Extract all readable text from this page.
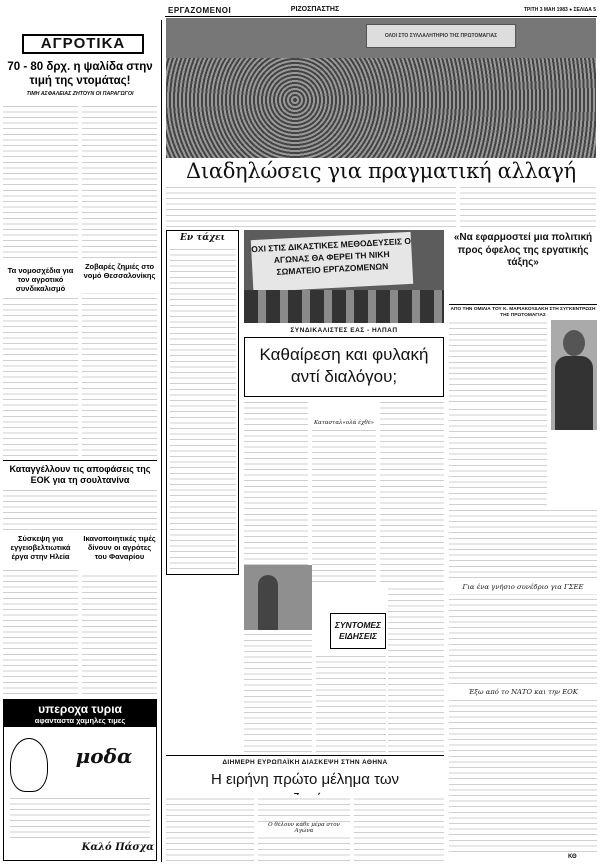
ΕΡΓΑΖΟΜΕΝΟΙ	ΡΙΖΟΣΠΑΣΤΗΣ	ΤΡΙΤΗ 3 ΜΑΗ 1983 ● ΣΕΛΙΔΑ 5
ΑΓΡΟΤΙΚΑ
70 - 80 δρχ. η ψαλίδα στην τιμή της ντομάτας!
ΤΙΜΗ ΑΣΦΑΛΕΙΑΣ ΖΗΤΟΥΝ ΟΙ ΠΑΡΑΓΩΓΟΙ
Τα νομοσχέδια για τον αγροτικό συνδικαλισμό
Ζοβαρές ζημιές στο νομό Θεσσαλονίκης
Καταγγέλλουν τις αποφάσεις της ΕΟΚ για τη σουλτανίνα
Σύσκεψη για εγγειοβελτιωτικά έργα στην Ηλεία
Ικανοποιητικές τιμές δίνουν οι αγρότες του Φαναρίου
υπεροχα τυρια
αφανταστα χαμηλες τιμες
μοδα
Καλό Πάσχα
ΟΛΟΙ ΣΤΟ ΣΥΛΛΑΛΗΤΗΡΙΟ ΤΗΣ ΠΡΩΤΟΜΑΓΙΑΣ
Διαδηλώσεις για πραγματική αλλαγή
Εν τάχει	ΟΧΙ ΣΤΙΣ ΔΙΚΑΣΤΙΚΕΣ ΜΕΘΟΔΕΥΣΕΙΣ Ο ΑΓΩΝΑΣ ΘΑ ΦΕΡΕΙ ΤΗ ΝΙΚΗ ΣΩΜΑΤΕΙΟ ΕΡΓΑΖΟΜΕΝΩΝ
ΣΥΝΔΙΚΑΛΙΣΤΕΣ ΕΑΣ - ΗΛΠΑΠ
Καθαίρεση και φυλακή αντί διαλόγου;
Κατασταλ«ολά έχθέ»
ΣΥΝΤΟΜΕΣ ΕΙΔΗΣΕΙΣ
«Να εφαρμοστεί μια πολιτική προς όφελος της εργατικής τάξης»
ΑΠΟ ΤΗΝ ΟΜΙΛΙΑ ΤΟΥ Κ. ΜΑΡΙΑΚΟΥΔΑΚΗ ΣΤΗ ΣΥΓΚΕΝΤΡΩΣΗ ΤΗΣ ΠΡΩΤΟΜΑΓΙΑΣ
Για ένα γνήσιο συνέδριο για ΓΣΕΕ
Έξω από το ΝΑΤΟ και την ΕΟΚ
ΔΙΗΜΕΡΗ ΕΥΡΩΠΑΪΚΗ ΔΙΑΣΚΕΨΗ ΣΤΗΝ ΑΘΗΝΑ
Η ειρήνη πρώτο μέλημα των
Ο θέλουν κάθε μέρα στον Αγώνα
ΚΘ
